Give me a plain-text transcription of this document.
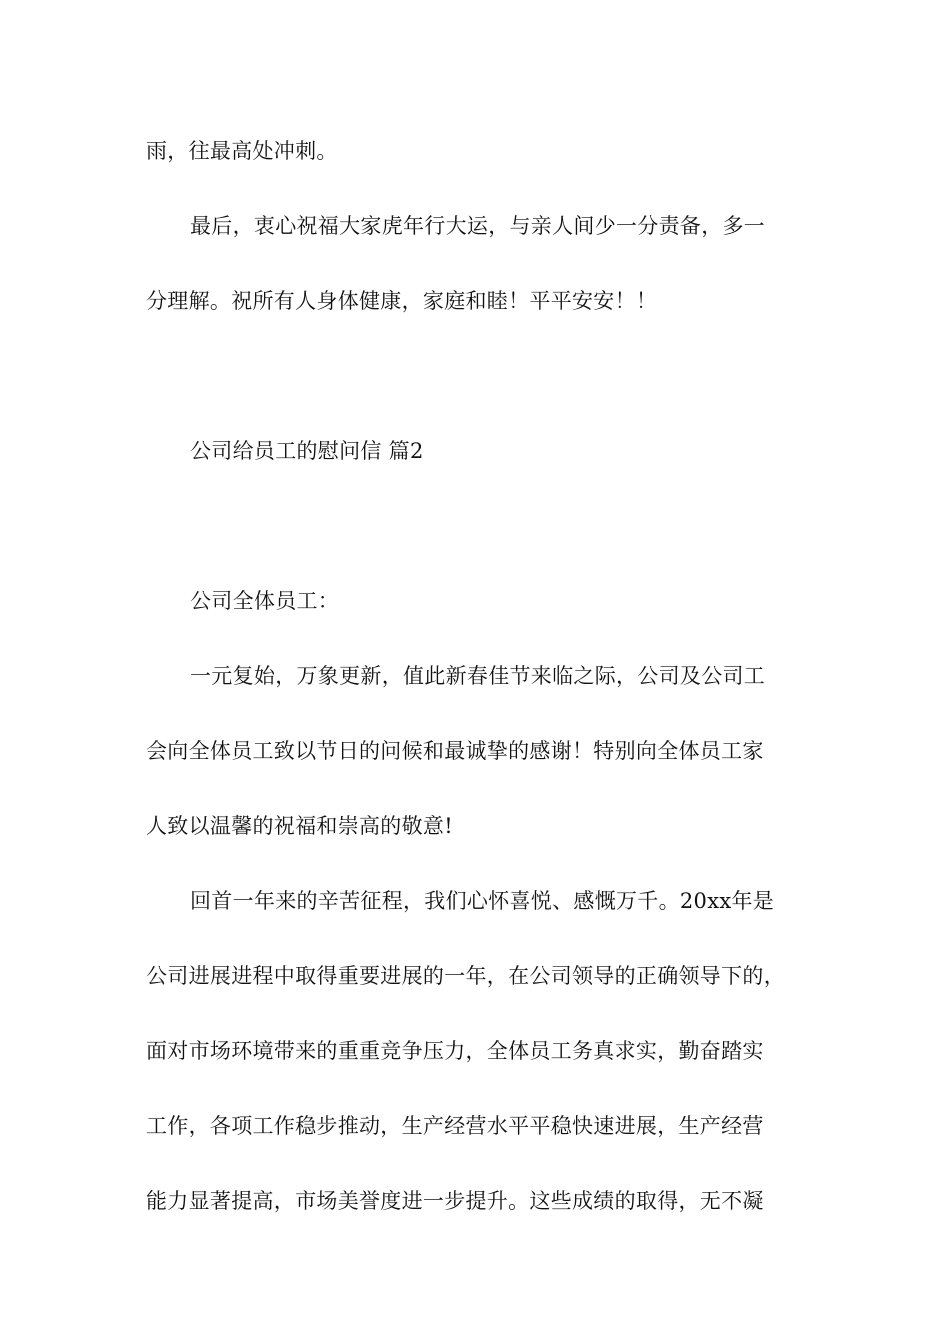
雨，往最高处冲刺。
最后，衷心祝福大家虎年行大运，与亲人间少一分责备，多一
分理解。祝所有人身体健康，家庭和睦！平平安安！！
公司给员工的慰问信 篇2
公司全体员工：
一元复始，万象更新，值此新春佳节来临之际，公司及公司工
会向全体员工致以节日的问候和最诚挚的感谢！特别向全体员工家
人致以温馨的祝福和崇高的敬意!
回首一年来的辛苦征程，我们心怀喜悦、感慨万千。20xx年是
公司进展进程中取得重要进展的一年，在公司领导的正确领导下的，
面对市场环境带来的重重竞争压力，全体员工务真求实，勤奋踏实
工作，各项工作稳步推动，生产经营水平平稳快速进展，生产经营
能力显著提高，市场美誉度进一步提升。这些成绩的取得，无不凝
